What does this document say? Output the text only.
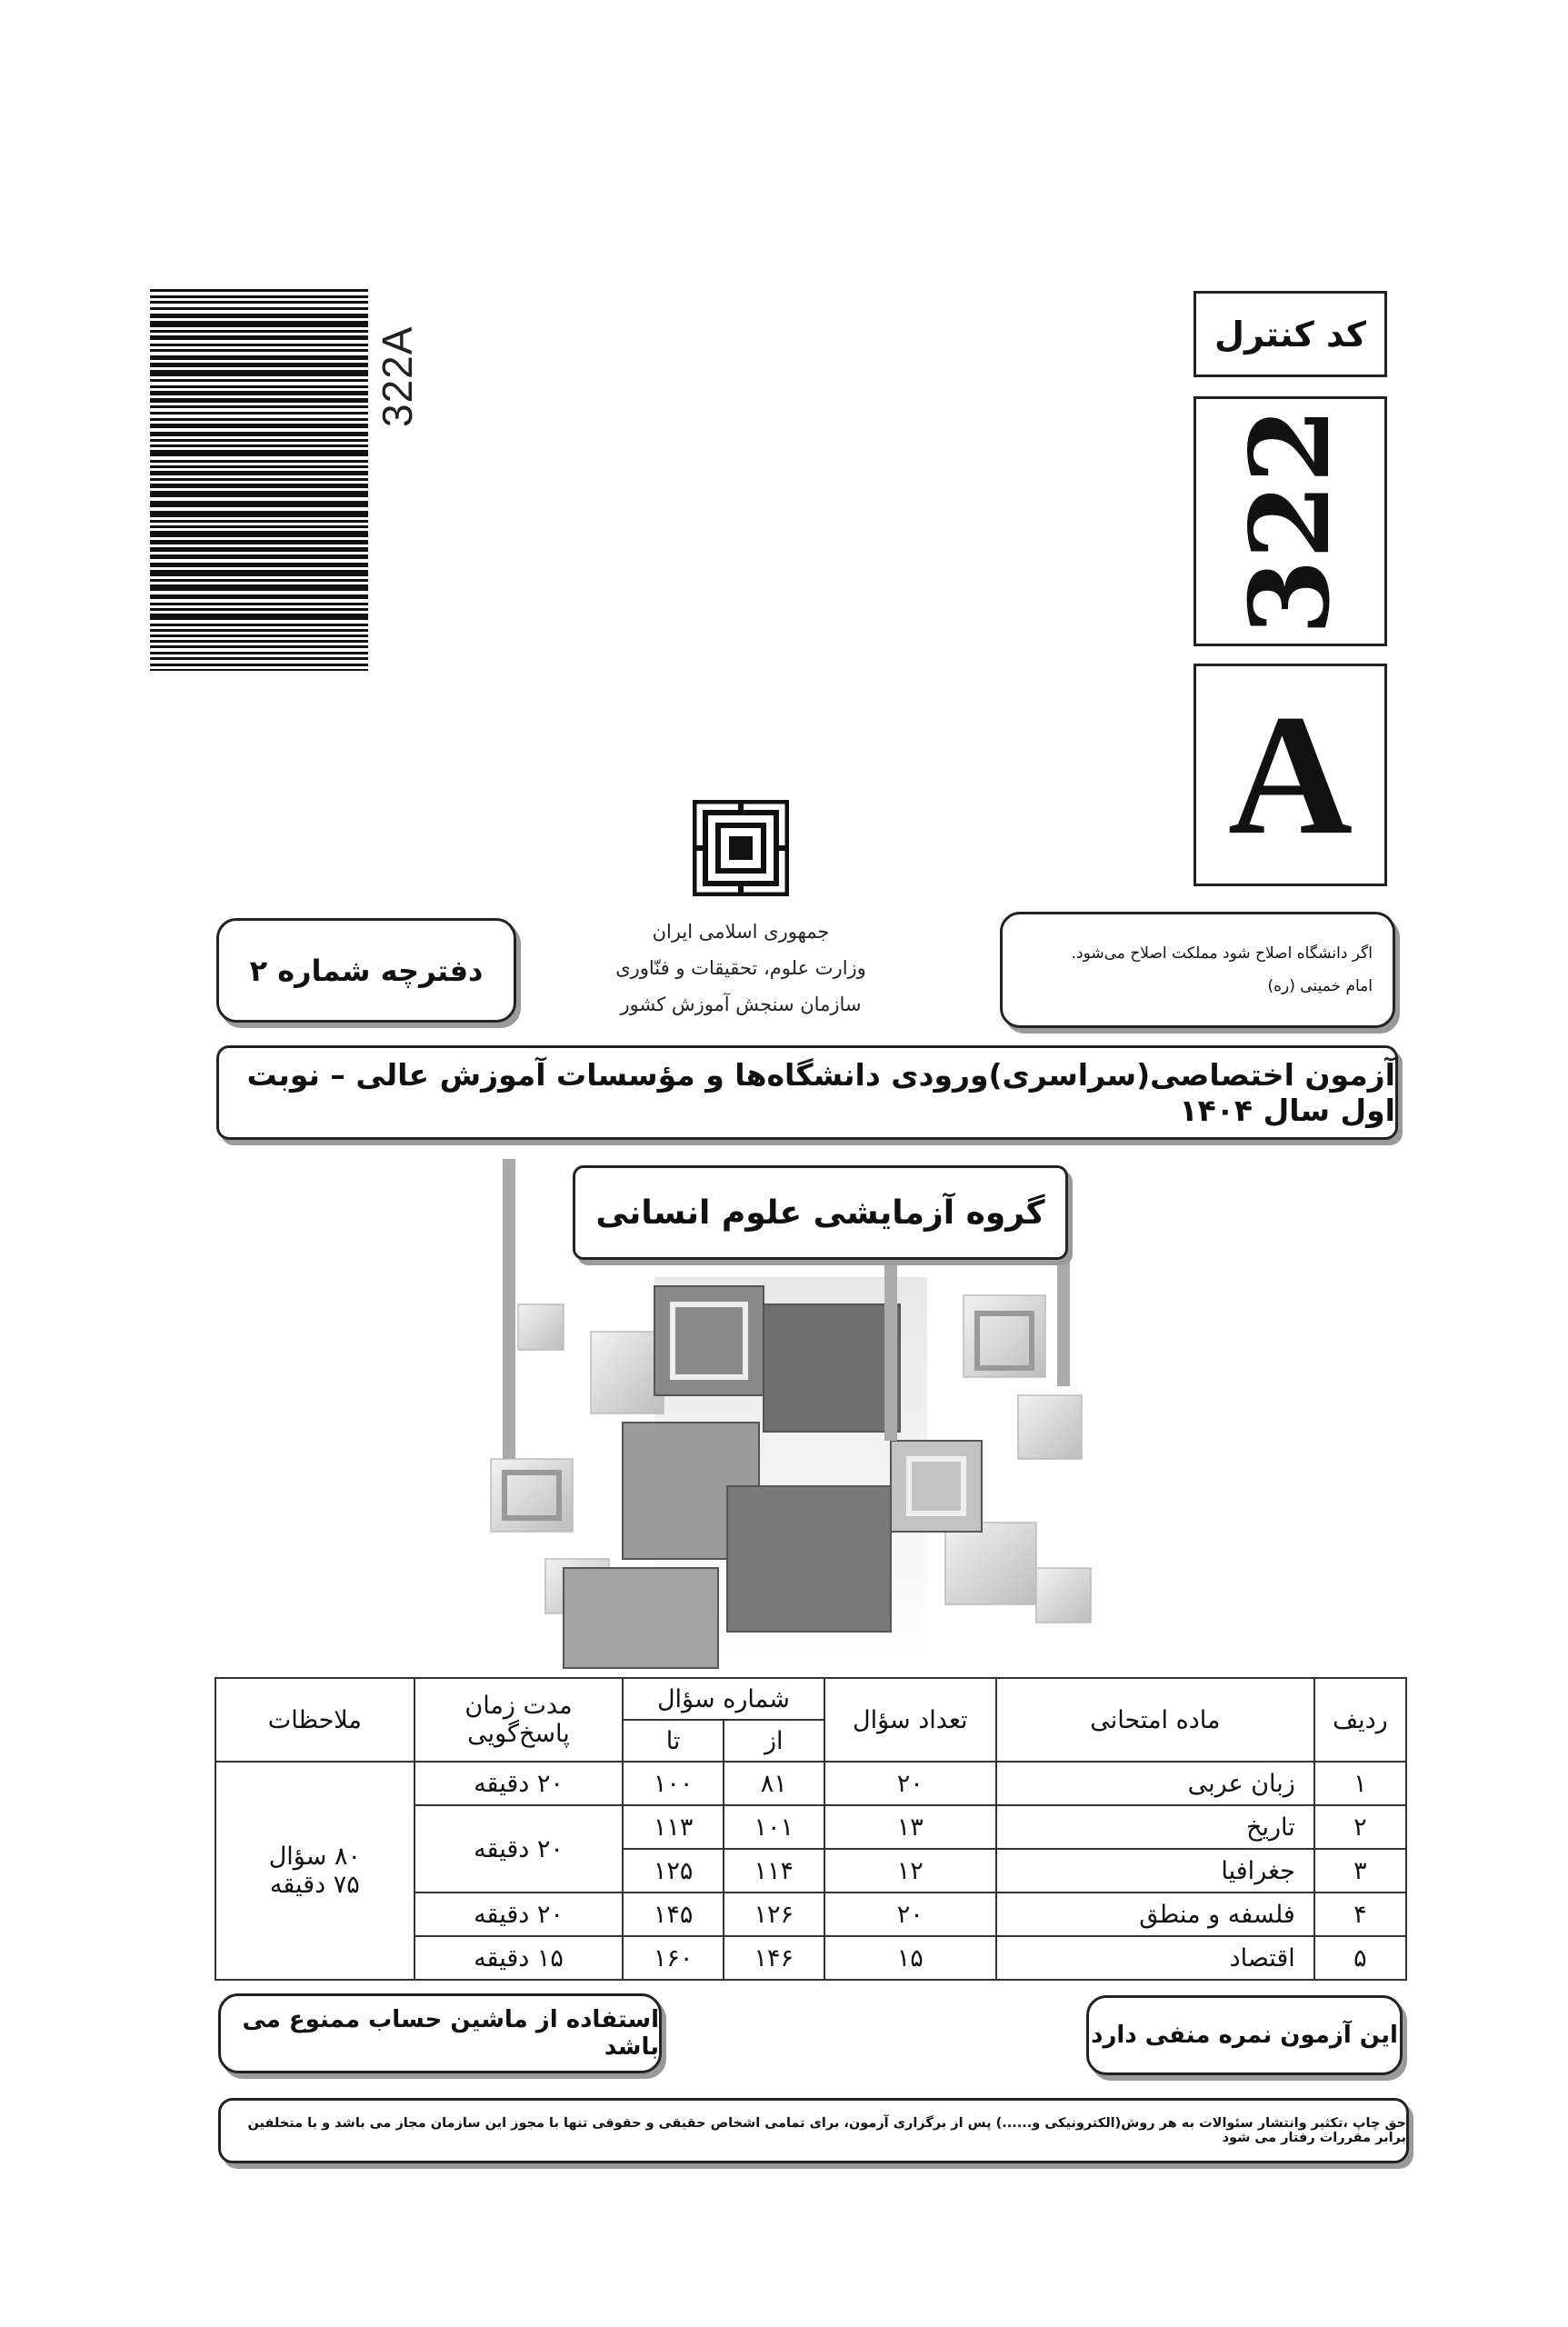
322A	کد کنترل
322
A
جمهوری اسلامی ایران
وزارت علوم، تحقیقات و فنّاوری
سازمان سنجش آموزش کشور
اگر دانشگاه اصلاح شود مملکت اصلاح می‌شود.
امام خمینی (ره)
دفترچه شماره ۲
آزمون اختصاصی(سراسری)ورودی دانشگاه‌ها و مؤسسات آموزش عالی – نوبت اول سال ۱۴۰۴
گروه آزمایشی علوم انسانی
ردیف	ماده امتحانی	تعداد سؤال	شماره سؤال		مدت زمان پاسخ‌گویی	ملاحظات
			از	تا		
۱	زبان عربی	۲۰	۸۱	۱۰۰	۲۰ دقیقه	۸۰ سؤال
۷۵ دقیقه

۲	تاریخ	۱۳	۱۰۱	۱۱۳	۲۰ دقیقه	
۳	جغرافیا	۱۲	۱۱۴	۱۲۵		
۴	فلسفه و منطق	۲۰	۱۲۶	۱۴۵	۲۰ دقیقه	
۵	اقتصاد	۱۵	۱۴۶	۱۶۰	۱۵ دقیقه	
این آزمون نمره منفی دارد
استفاده از ماشین حساب ممنوع می باشد
حق چاپ ،تکثیر وانتشار سئوالات به هر روش(الکترونیکی و......) پس از برگزاری آزمون، برای تمامی اشخاص حقیقی و حقوقی تنها با مجوز این سازمان مجاز می باشد و با متخلفین برابر مقررات رفتار می شود
